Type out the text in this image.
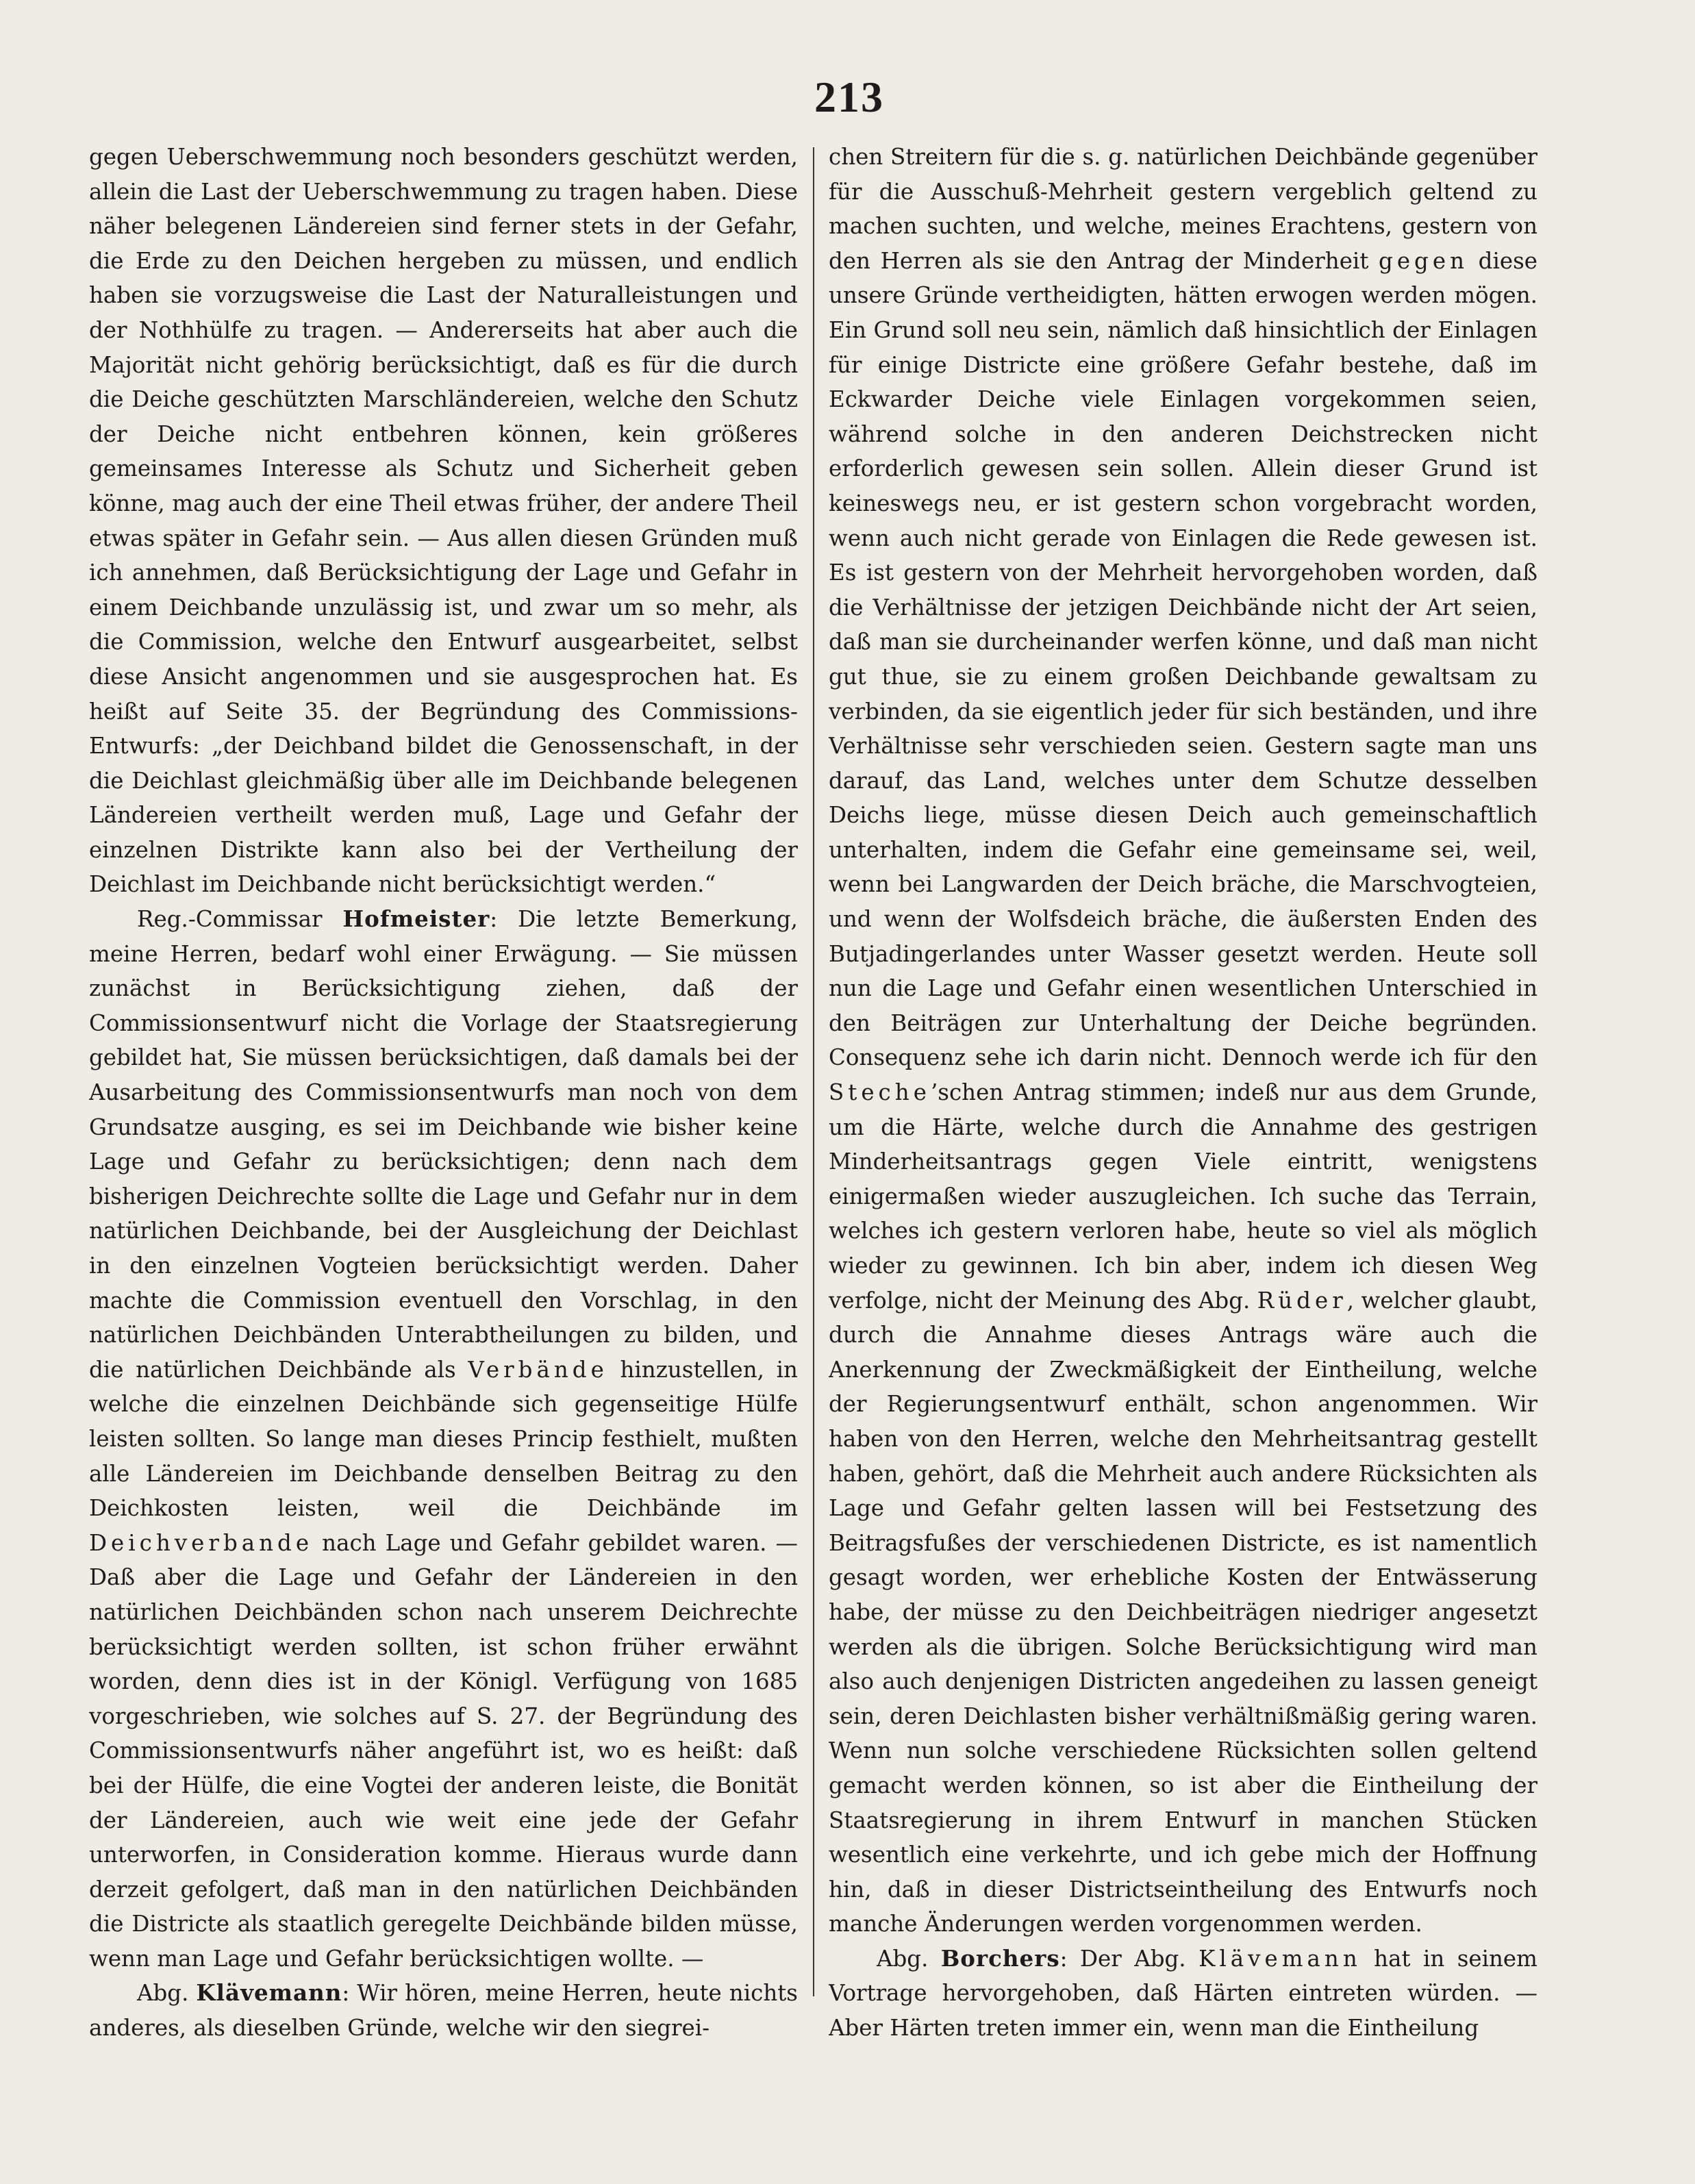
213

gegen Ueberschwemmung noch besonders geschützt werden, allein die Last der Ueberschwemmung zu tragen haben. Diese näher belegenen Ländereien sind ferner stets in der Gefahr, die Erde zu den Deichen hergeben zu müssen, und endlich haben sie vorzugsweise die Last der Naturalleistungen und der Nothhülfe zu tragen. — Andererseits hat aber auch die Majorität nicht gehörig berücksichtigt, daß es für die durch die Deiche geschützten Marschländereien, welche den Schutz der Deiche nicht entbehren können, kein größeres gemeinsames Interesse als Schutz und Sicherheit geben könne, mag auch der eine Theil etwas früher, der andere Theil etwas später in Gefahr sein. — Aus allen diesen Gründen muß ich annehmen, daß Berücksichtigung der Lage und Gefahr in einem Deichbande unzulässig ist, und zwar um so mehr, als die Commission, welche den Entwurf ausgearbeitet, selbst diese Ansicht angenommen und sie ausgesprochen hat. Es heißt auf Seite 35. der Begründung des Commissions-Entwurfs: „der Deichband bildet die Genossenschaft, in der die Deichlast gleichmäßig über alle im Deichbande belegenen Ländereien vertheilt werden muß, Lage und Gefahr der einzelnen Distrikte kann also bei der Vertheilung der Deichlast im Deichbande nicht berücksichtigt werden.“

Reg.-Commissar Hofmeister: Die letzte Bemerkung, meine Herren, bedarf wohl einer Erwägung. — Sie müssen zunächst in Berücksichtigung ziehen, daß der Commissionsentwurf nicht die Vorlage der Staatsregierung gebildet hat, Sie müssen berücksichtigen, daß damals bei der Ausarbeitung des Commissionsentwurfs man noch von dem Grundsatze ausging, es sei im Deichbande wie bisher keine Lage und Gefahr zu berücksichtigen; denn nach dem bisherigen Deichrechte sollte die Lage und Gefahr nur in dem natürlichen Deichbande, bei der Ausgleichung der Deichlast in den einzelnen Vogteien berücksichtigt werden. Daher machte die Commission eventuell den Vorschlag, in den natürlichen Deichbänden Unterabtheilungen zu bilden, und die natürlichen Deichbände als Verbände hinzustellen, in welche die einzelnen Deichbände sich gegenseitige Hülfe leisten sollten. So lange man dieses Princip festhielt, mußten alle Ländereien im Deichbande denselben Beitrag zu den Deichkosten leisten, weil die Deichbände im Deichverbande nach Lage und Gefahr gebildet waren. — Daß aber die Lage und Gefahr der Ländereien in den natürlichen Deichbänden schon nach unserem Deichrechte berücksichtigt werden sollten, ist schon früher erwähnt worden, denn dies ist in der Königl. Verfügung von 1685 vorgeschrieben, wie solches auf S. 27. der Begründung des Commissionsentwurfs näher angeführt ist, wo es heißt: daß bei der Hülfe, die eine Vogtei der anderen leiste, die Bonität der Ländereien, auch wie weit eine jede der Gefahr unterworfen, in Consideration komme. Hieraus wurde dann derzeit gefolgert, daß man in den natürlichen Deichbänden die Districte als staatlich geregelte Deichbände bilden müsse, wenn man Lage und Gefahr berücksichtigen wollte. —

Abg. Klävemann: Wir hören, meine Herren, heute nichts anderes, als dieselben Gründe, welche wir den siegrei-

chen Streitern für die s. g. natürlichen Deichbände gegenüber für die Ausschuß-Mehrheit gestern vergeblich geltend zu machen suchten, und welche, meines Erachtens, gestern von den Herren als sie den Antrag der Minderheit gegen diese unsere Gründe vertheidigten, hätten erwogen werden mögen. Ein Grund soll neu sein, nämlich daß hinsichtlich der Einlagen für einige Districte eine größere Gefahr bestehe, daß im Eckwarder Deiche viele Einlagen vorgekommen seien, während solche in den anderen Deichstrecken nicht erforderlich gewesen sein sollen. Allein dieser Grund ist keineswegs neu, er ist gestern schon vorgebracht worden, wenn auch nicht gerade von Einlagen die Rede gewesen ist. Es ist gestern von der Mehrheit hervorgehoben worden, daß die Verhältnisse der jetzigen Deichbände nicht der Art seien, daß man sie durcheinander werfen könne, und daß man nicht gut thue, sie zu einem großen Deichbande gewaltsam zu verbinden, da sie eigentlich jeder für sich beständen, und ihre Verhältnisse sehr verschieden seien. Gestern sagte man uns darauf, das Land, welches unter dem Schutze desselben Deichs liege, müsse diesen Deich auch gemeinschaftlich unterhalten, indem die Gefahr eine gemeinsame sei, weil, wenn bei Langwarden der Deich bräche, die Marschvogteien, und wenn der Wolfsdeich bräche, die äußersten Enden des Butjadingerlandes unter Wasser gesetzt werden. Heute soll nun die Lage und Gefahr einen wesentlichen Unterschied in den Beiträgen zur Unterhaltung der Deiche begründen. Consequenz sehe ich darin nicht. Dennoch werde ich für den Steche’schen Antrag stimmen; indeß nur aus dem Grunde, um die Härte, welche durch die Annahme des gestrigen Minderheitsantrags gegen Viele eintritt, wenigstens einigermaßen wieder auszugleichen. Ich suche das Terrain, welches ich gestern verloren habe, heute so viel als möglich wieder zu gewinnen. Ich bin aber, indem ich diesen Weg verfolge, nicht der Meinung des Abg. Rüder, welcher glaubt, durch die Annahme dieses Antrags wäre auch die Anerkennung der Zweckmäßigkeit der Eintheilung, welche der Regierungsentwurf enthält, schon angenommen. Wir haben von den Herren, welche den Mehrheitsantrag gestellt haben, gehört, daß die Mehrheit auch andere Rücksichten als Lage und Gefahr gelten lassen will bei Festsetzung des Beitragsfußes der verschiedenen Districte, es ist namentlich gesagt worden, wer erhebliche Kosten der Entwässerung habe, der müsse zu den Deichbeiträgen niedriger angesetzt werden als die übrigen. Solche Berücksichtigung wird man also auch denjenigen Districten angedeihen zu lassen geneigt sein, deren Deichlasten bisher verhältnißmäßig gering waren. Wenn nun solche verschiedene Rücksichten sollen geltend gemacht werden können, so ist aber die Eintheilung der Staatsregierung in ihrem Entwurf in manchen Stücken wesentlich eine verkehrte, und ich gebe mich der Hoffnung hin, daß in dieser Districtseintheilung des Entwurfs noch manche Änderungen werden vorgenommen werden.

Abg. Borchers: Der Abg. Klävemann hat in seinem Vortrage hervorgehoben, daß Härten eintreten würden. — Aber Härten treten immer ein, wenn man die Eintheilung
